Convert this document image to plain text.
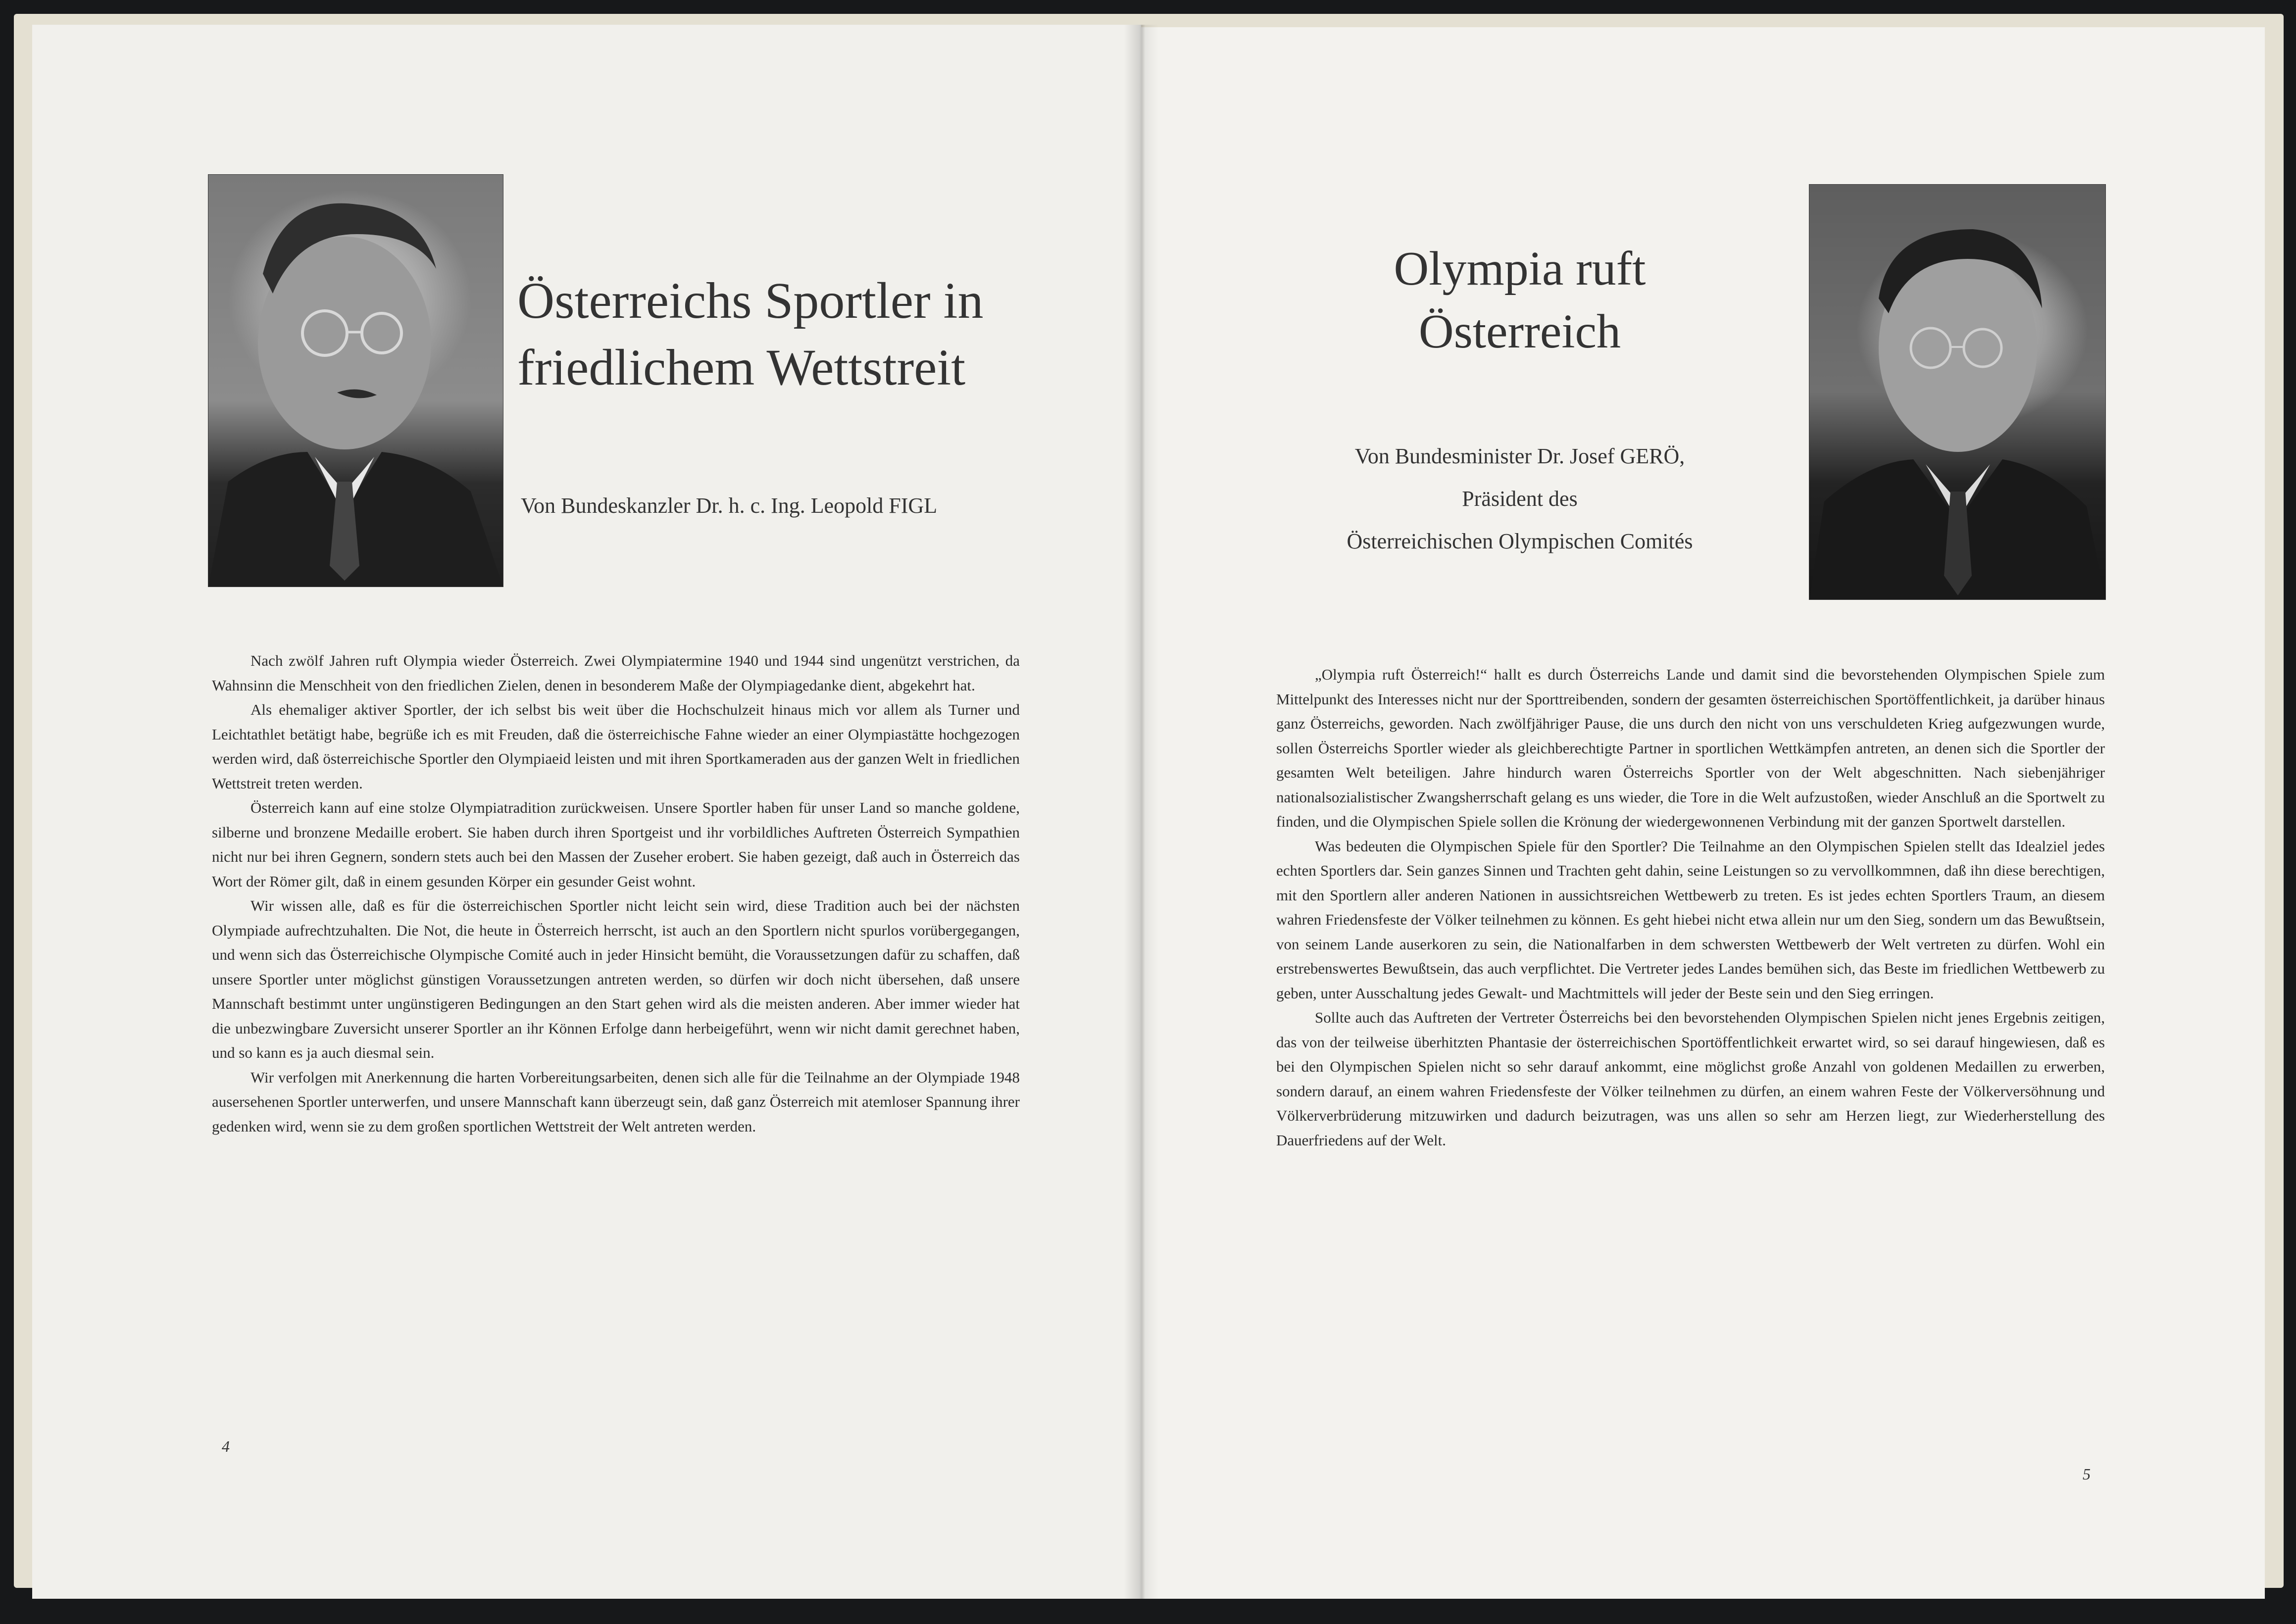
Österreichs Sportler in friedlichem Wettstreit
Von Bundeskanzler Dr. h. c. Ing. Leopold FIGL

Nach zwölf Jahren ruft Olympia wieder Österreich. Zwei Olympiatermine 1940 und 1944 sind ungenützt verstrichen, da Wahnsinn die Menschheit von den friedlichen Zielen, denen in besonderem Maße der Olympiagedanke dient, abgekehrt hat.

Als ehemaliger aktiver Sportler, der ich selbst bis weit über die Hochschulzeit hinaus mich vor allem als Turner und Leichtathlet betätigt habe, begrüße ich es mit Freuden, daß die österreichische Fahne wieder an einer Olympiastätte hochgezogen werden wird, daß österreichische Sportler den Olympiaeid leisten und mit ihren Sportkameraden aus der ganzen Welt in friedlichen Wettstreit treten werden.

Österreich kann auf eine stolze Olympiatradition zurückweisen. Unsere Sportler haben für unser Land so manche goldene, silberne und bronzene Medaille erobert. Sie haben durch ihren Sportgeist und ihr vorbildliches Auftreten Österreich Sympathien nicht nur bei ihren Gegnern, sondern stets auch bei den Massen der Zuseher erobert. Sie haben gezeigt, daß auch in Österreich das Wort der Römer gilt, daß in einem gesunden Körper ein gesunder Geist wohnt.

Wir wissen alle, daß es für die österreichischen Sportler nicht leicht sein wird, diese Tradition auch bei der nächsten Olympiade aufrechtzuhalten. Die Not, die heute in Österreich herrscht, ist auch an den Sportlern nicht spurlos vorübergegangen, und wenn sich das Österreichische Olympische Comité auch in jeder Hinsicht bemüht, die Voraussetzungen dafür zu schaffen, daß unsere Sportler unter möglichst günstigen Voraussetzungen antreten werden, so dürfen wir doch nicht übersehen, daß unsere Mannschaft bestimmt unter ungünstigeren Bedingungen an den Start gehen wird als die meisten anderen. Aber immer wieder hat die unbezwingbare Zuversicht unserer Sportler an ihr Können Erfolge dann herbeigeführt, wenn wir nicht damit gerechnet haben, und so kann es ja auch diesmal sein.

Wir verfolgen mit Anerkennung die harten Vorbereitungsarbeiten, denen sich alle für die Teilnahme an der Olympiade 1948 ausersehenen Sportler unterwerfen, und unsere Mannschaft kann überzeugt sein, daß ganz Österreich mit atemloser Spannung ihrer gedenken wird, wenn sie zu dem großen sportlichen Wettstreit der Welt antreten werden.

4
Olympia ruft Österreich
Von Bundesminister Dr. Josef GERÖ,
Präsident des
Österreichischen Olympischen Comités

„Olympia ruft Österreich!“ hallt es durch Österreichs Lande und damit sind die bevorstehenden Olympischen Spiele zum Mittelpunkt des Interesses nicht nur der Sporttreibenden, sondern der gesamten österreichischen Sportöffentlichkeit, ja darüber hinaus ganz Österreichs, geworden. Nach zwölfjähriger Pause, die uns durch den nicht von uns verschuldeten Krieg aufgezwungen wurde, sollen Österreichs Sportler wieder als gleichberechtigte Partner in sportlichen Wettkämpfen antreten, an denen sich die Sportler der gesamten Welt beteiligen. Jahre hindurch waren Österreichs Sportler von der Welt abgeschnitten. Nach siebenjähriger nationalsozialistischer Zwangsherrschaft gelang es uns wieder, die Tore in die Welt aufzustoßen, wieder Anschluß an die Sportwelt zu finden, und die Olympischen Spiele sollen die Krönung der wiedergewonnenen Verbindung mit der ganzen Sportwelt darstellen.

Was bedeuten die Olympischen Spiele für den Sportler? Die Teilnahme an den Olympischen Spielen stellt das Idealziel jedes echten Sportlers dar. Sein ganzes Sinnen und Trachten geht dahin, seine Leistungen so zu vervollkommnen, daß ihn diese berechtigen, mit den Sportlern aller anderen Nationen in aussichtsreichen Wettbewerb zu treten. Es ist jedes echten Sportlers Traum, an diesem wahren Friedensfeste der Völker teilnehmen zu können. Es geht hiebei nicht etwa allein nur um den Sieg, sondern um das Bewußtsein, von seinem Lande auserkoren zu sein, die Nationalfarben in dem schwersten Wettbewerb der Welt vertreten zu dürfen. Wohl ein erstrebenswertes Bewußtsein, das auch verpflichtet. Die Vertreter jedes Landes bemühen sich, das Beste im friedlichen Wettbewerb zu geben, unter Ausschaltung jedes Gewalt- und Machtmittels will jeder der Beste sein und den Sieg erringen.

Sollte auch das Auftreten der Vertreter Österreichs bei den bevorstehenden Olympischen Spielen nicht jenes Ergebnis zeitigen, das von der teilweise überhitzten Phantasie der österreichischen Sportöffentlichkeit erwartet wird, so sei darauf hingewiesen, daß es bei den Olympischen Spielen nicht so sehr darauf ankommt, eine möglichst große Anzahl von goldenen Medaillen zu erwerben, sondern darauf, an einem wahren Friedensfeste der Völker teilnehmen zu dürfen, an einem wahren Feste der Völkerversöhnung und Völkerverbrüderung mitzuwirken und dadurch beizutragen, was uns allen so sehr am Herzen liegt, zur Wiederherstellung des Dauerfriedens auf der Welt.

5
